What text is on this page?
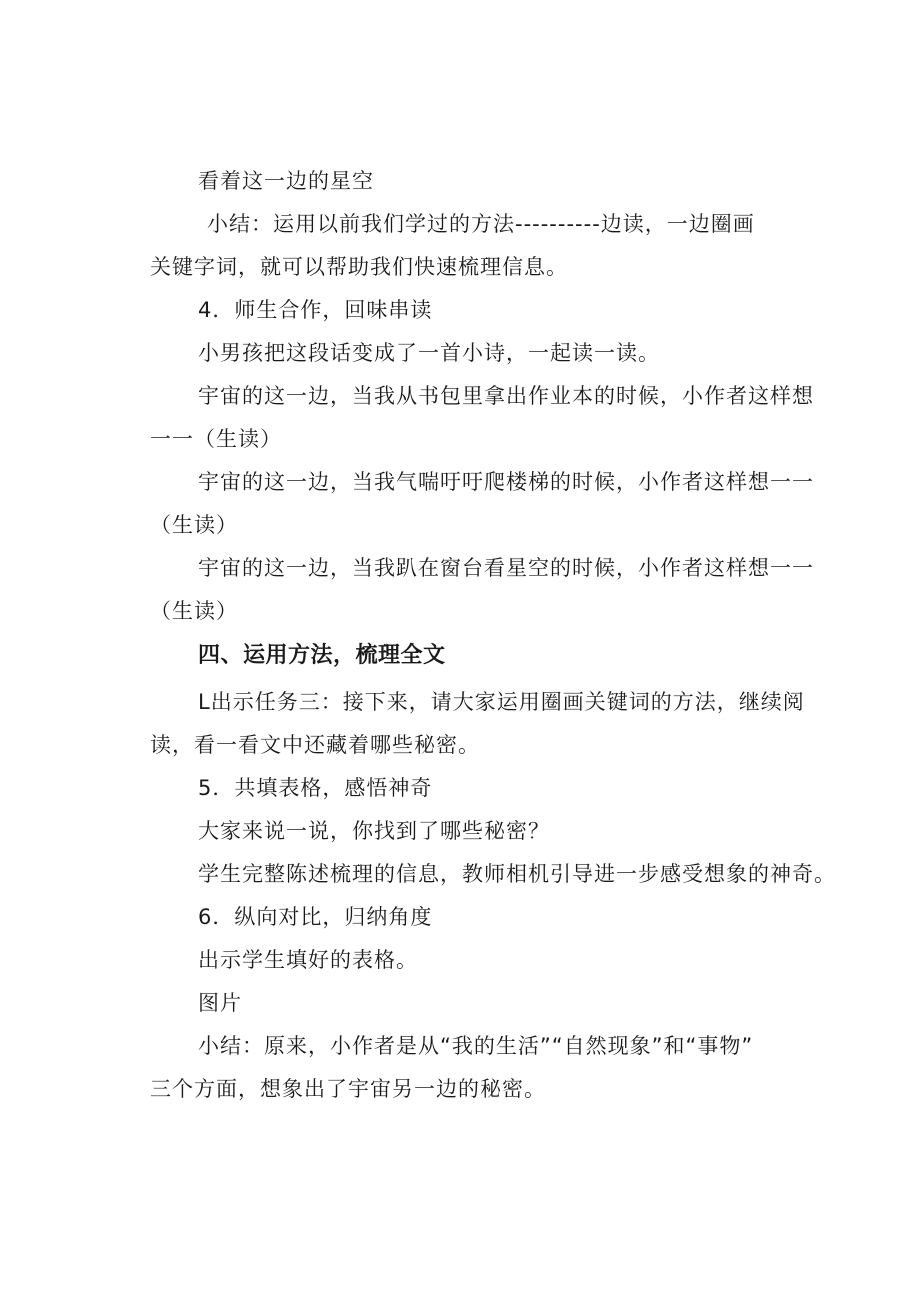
看着这一边的星空
小结：运用以前我们学过的方法----------边读，一边圈画
关键字词，就可以帮助我们快速梳理信息。
4．师生合作，回味串读
小男孩把这段话变成了一首小诗，一起读一读。
宇宙的这一边，当我从书包里拿出作业本的时候，小作者这样想
一一（生读）
宇宙的这一边，当我气喘吁吁爬楼梯的时候，小作者这样想一一
（生读）
宇宙的这一边，当我趴在窗台看星空的时候，小作者这样想一一
（生读）
四、运用方法，梳理全文
L出示任务三：接下来，请大家运用圈画关键词的方法，继续阅
读，看一看文中还藏着哪些秘密。
5．共填表格，感悟神奇
大家来说一说，你找到了哪些秘密？
学生完整陈述梳理的信息，教师相机引导进一步感受想象的神奇。
6．纵向对比，归纳角度
出示学生填好的表格。
图片
小结：原来，小作者是从“我的生活”“自然现象”和“事物”
三个方面，想象出了宇宙另一边的秘密。
